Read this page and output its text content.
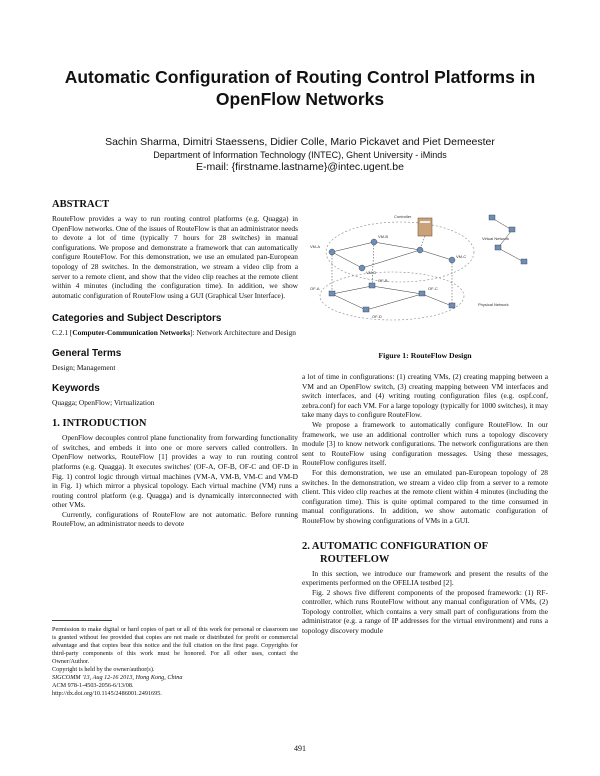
Automatic Configuration of Routing Control Platforms in
OpenFlow Networks
Sachin Sharma, Dimitri Staessens, Didier Colle, Mario Pickavet and Piet Demeester
Department of Information Technology (INTEC), Ghent University - iMinds
E-mail: {firstname.lastname}@intec.ugent.be
ABSTRACT

RouteFlow provides a way to run routing control platforms (e.g. Quagga) in OpenFlow networks. One of the issues of RouteFlow is that an administrator needs to devote a lot of time (typically 7 hours for 28 switches) in manual configurations. We propose and demonstrate a framework that can automatically configure RouteFlow. For this demonstration, we use an emulated pan-European topology of 28 switches. In the demonstration, we stream a video clip from a server to a remote client, and show that the video clip reaches at the remote client within 4 minutes (including the configuration time). In addition, we show automatic configuration of RouteFlow using a GUI (Graphical User Interface).

Categories and Subject Descriptors

C.2.1 [Computer-Communication Networks]: Network Architecture and Design

General Terms

Design; Management

Keywords

Quagga; OpenFlow; Virtualization

1. INTRODUCTION

OpenFlow decouples control plane functionality from forwarding functionality of switches, and embeds it into one or more servers called controllers. In OpenFlow networks, RouteFlow [1] provides a way to run routing control platforms (e.g. Quagga). It executes switches' (OF-A, OF-B, OF-C and OF-D in Fig. 1) control logic through virtual machines (VM-A, VM-B, VM-C and VM-D in Fig. 1) which mirror a physical topology. Each virtual machine (VM) runs a routing control platform (e.g. Quagga) and is dynamically interconnected with other VMs.

Currently, configurations of RouteFlow are not automatic. Before running RouteFlow, an administrator needs to devote

Permission to make digital or hard copies of part or all of this work for personal or classroom use is granted without fee provided that copies are not made or distributed for profit or commercial advantage and that copies bear this notice and the full citation on the first page. Copyrights for third-party components of this work must be honored. For all other uses, contact the Owner/Author.

Copyright is held by the owner/author(s).

SIGCOMM '13, Aug 12-16 2013, Hong Kong, China

ACM 978-1-4503-2056-6/13/08.

http://dx.doi.org/10.1145/2486001.2491695.

Controller
OF-A
OF-B
OF-C
OF-D
VM-A
VM-B
VM-C
VM-D
Physical Network
Virtual Network
Figure 1: RouteFlow Design

a lot of time in configurations: (1) creating VMs, (2) creating mapping between a VM and an OpenFlow switch, (3) creating mapping between VM interfaces and switch interfaces, and (4) writing routing configuration files (e.g. ospf.conf, zebra.conf) for each VM. For a large topology (typically for 1000 switches), it may take many days to configure RouteFlow.

We propose a framework to automatically configure RouteFlow. In our framework, we use an additional controller which runs a topology discovery module [3] to know network configurations. The network configurations are then sent to RouteFlow using configuration messages. Using these messages, RouteFlow configures itself.

For this demonstration, we use an emulated pan-European topology of 28 switches. In the demonstration, we stream a video clip from a server to a remote client. This video clip reaches at the remote client within 4 minutes (including the configuration time). This is quite optimal compared to the time consumed in manual configurations. In addition, we show automatic configuration of RouteFlow by showing configurations of VMs in a GUI.

2. AUTOMATIC CONFIGURATION OF
ROUTEFLOW

In this section, we introduce our framework and present the results of the experiments performed on the OFELIA testbed [2].

Fig. 2 shows five different components of the proposed framework: (1) RF-controller, which runs RouteFlow without any manual configuration of VMs, (2) Topology controller, which contains a very small part of configurations from the administrator (e.g. a range of IP addresses for the virtual environment) and runs a topology discovery module

491
